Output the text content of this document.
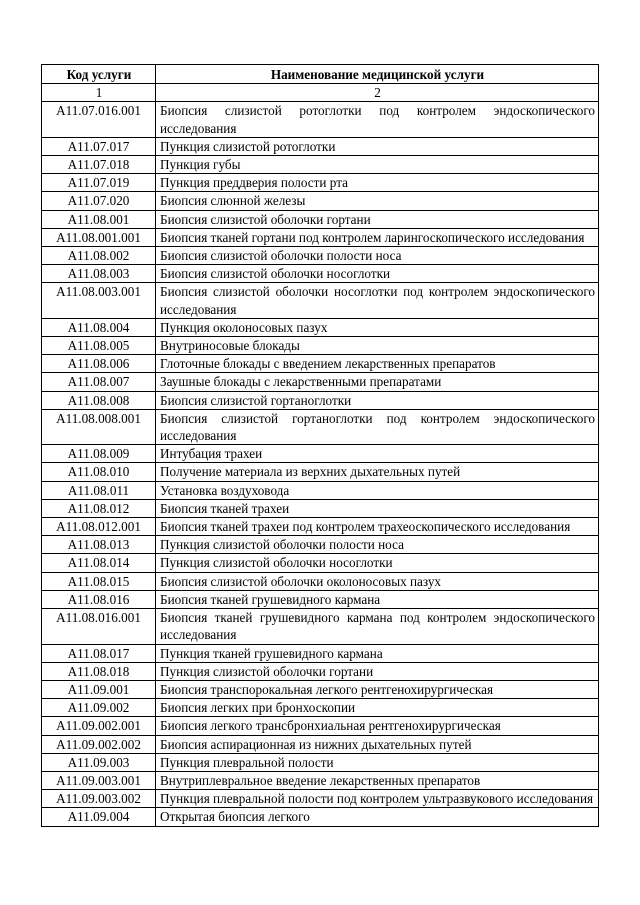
Код услуги	Наименование медицинской услуги
1	2
A11.07.016.001	Биопсия слизистой ротоглотки под контролем эндоскопического исследования
A11.07.017	Пункция слизистой ротоглотки
A11.07.018	Пункция губы
A11.07.019	Пункция преддверия полости рта
A11.07.020	Биопсия слюнной железы
A11.08.001	Биопсия слизистой оболочки гортани
A11.08.001.001	Биопсия тканей гортани под контролем ларингоскопического исследования
A11.08.002	Биопсия слизистой оболочки полости носа
A11.08.003	Биопсия слизистой оболочки носоглотки
A11.08.003.001	Биопсия слизистой оболочки носоглотки под контролем эндоскопического исследования
A11.08.004	Пункция околоносовых пазух
A11.08.005	Внутриносовые блокады
A11.08.006	Глоточные блокады с введением лекарственных препаратов
A11.08.007	Заушные блокады с лекарственными препаратами
A11.08.008	Биопсия слизистой гортаноглотки
A11.08.008.001	Биопсия слизистой гортаноглотки под контролем эндоскопического исследования
A11.08.009	Интубация трахеи
A11.08.010	Получение материала из верхних дыхательных путей
A11.08.011	Установка воздуховода
A11.08.012	Биопсия тканей трахеи
A11.08.012.001	Биопсия тканей трахеи под контролем трахеоскопического исследования
A11.08.013	Пункция слизистой оболочки полости носа
A11.08.014	Пункция слизистой оболочки носоглотки
A11.08.015	Биопсия слизистой оболочки околоносовых пазух
A11.08.016	Биопсия тканей грушевидного кармана
A11.08.016.001	Биопсия тканей грушевидного кармана под контролем эндоскопического исследования
A11.08.017	Пункция тканей грушевидного кармана
A11.08.018	Пункция слизистой оболочки гортани
A11.09.001	Биопсия транспорокальная легкого рентгенохирургическая
A11.09.002	Биопсия легких при бронхоскопии
A11.09.002.001	Биопсия легкого трансбронхиальная рентгенохирургическая
A11.09.002.002	Биопсия аспирационная из нижних дыхательных путей
A11.09.003	Пункция плевральной полости
A11.09.003.001	Внутриплевральное введение лекарственных препаратов
A11.09.003.002	Пункция плевральной полости под контролем ультразвукового исследования
A11.09.004	Открытая биопсия легкого
